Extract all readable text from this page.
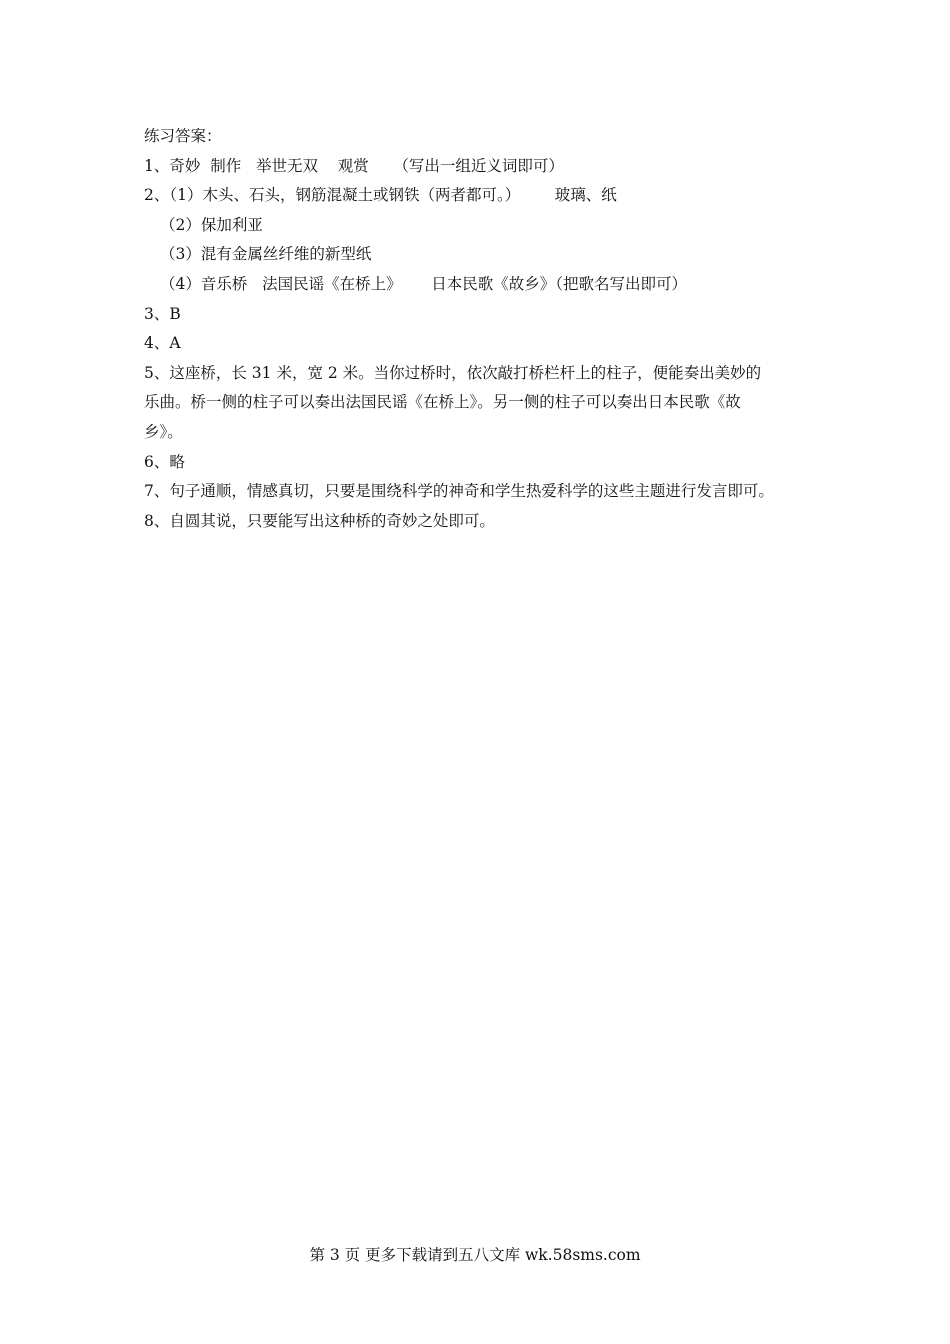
练习答案：
1、奇妙  制作   举世无双    观赏     （写出一组近义词即可）
2、（1）木头、石头，钢筋混凝土或钢铁（两者都可。）       玻璃、纸
（2）保加利亚
（3）混有金属丝纤维的新型纸
（4）音乐桥   法国民谣《在桥上》      日本民歌《故乡》（把歌名写出即可）
3、B
4、A
5、这座桥，长 31 米，宽 2 米。当你过桥时，依次敲打桥栏杆上的柱子，便能奏出美妙的
乐曲。桥一侧的柱子可以奏出法国民谣《在桥上》。另一侧的柱子可以奏出日本民歌《故
乡》。
6、略
7、句子通顺，情感真切，只要是围绕科学的神奇和学生热爱科学的这些主题进行发言即可。
8、自圆其说，只要能写出这种桥的奇妙之处即可。
第 3 页 更多下载请到五八文库 wk.58sms.com
